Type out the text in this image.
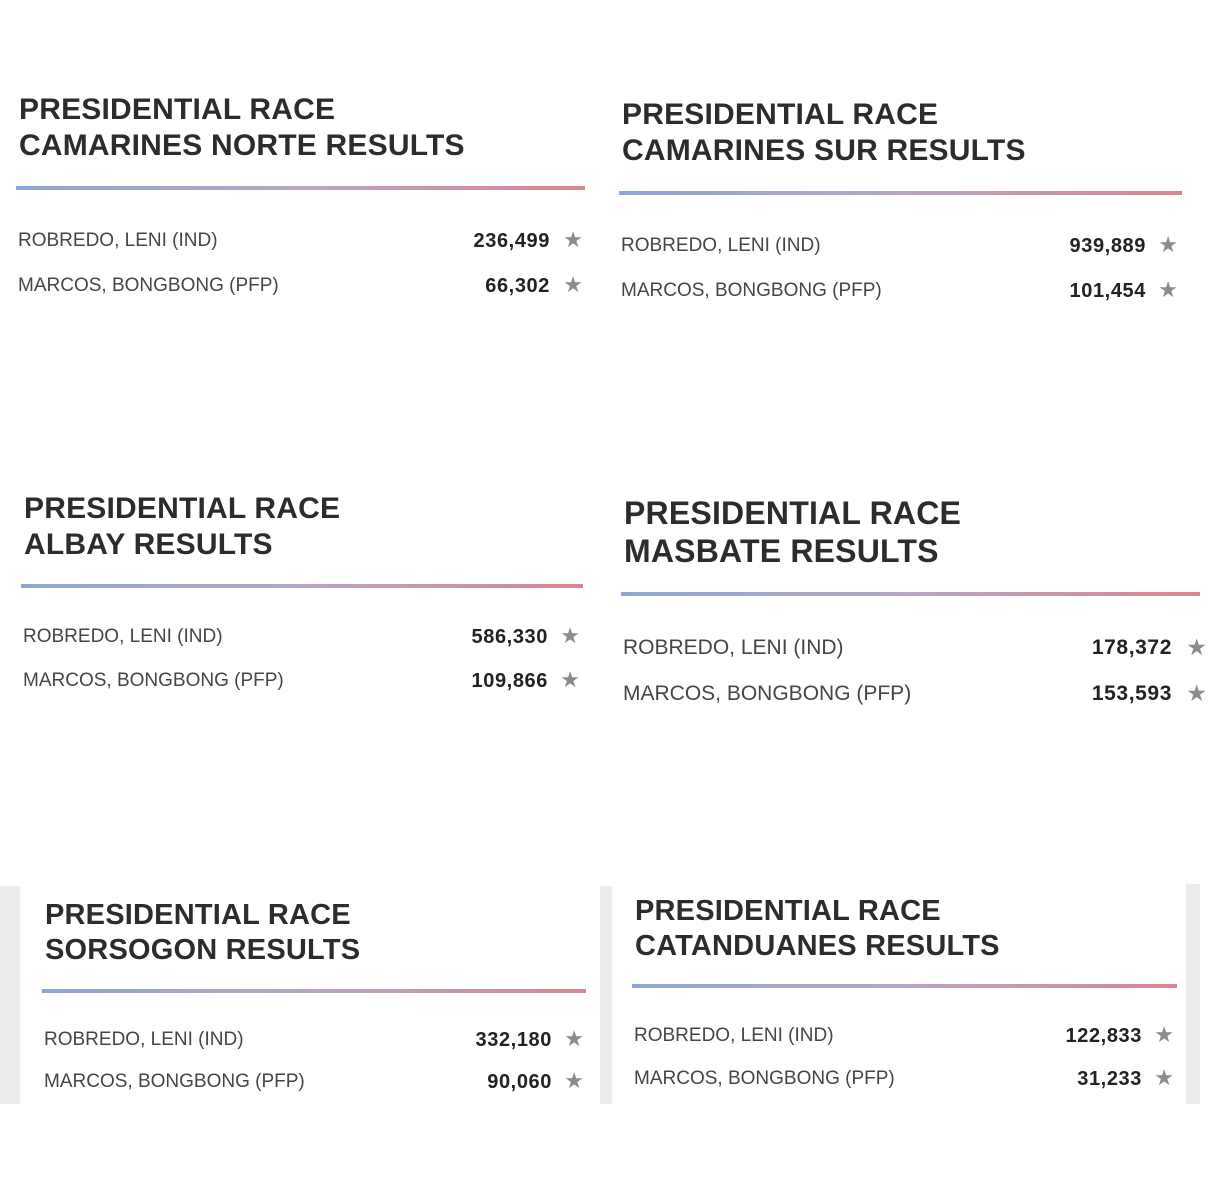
PRESIDENTIAL RACE
CAMARINES NORTE RESULTS
ROBREDO, LENI (IND)	236,499 ★
MARCOS, BONGBONG (PFP)	66,302 ★
PRESIDENTIAL RACE
CAMARINES SUR RESULTS
ROBREDO, LENI (IND)	939,889 ★
MARCOS, BONGBONG (PFP)	101,454 ★
PRESIDENTIAL RACE
ALBAY RESULTS
ROBREDO, LENI (IND)	586,330 ★
MARCOS, BONGBONG (PFP)	109,866 ★
PRESIDENTIAL RACE
MASBATE RESULTS
ROBREDO, LENI (IND)	178,372 ★
MARCOS, BONGBONG (PFP)	153,593 ★
PRESIDENTIAL RACE
SORSOGON RESULTS
ROBREDO, LENI (IND)	332,180 ★
MARCOS, BONGBONG (PFP)	90,060 ★
PRESIDENTIAL RACE
CATANDUANES RESULTS
ROBREDO, LENI (IND)	122,833 ★
MARCOS, BONGBONG (PFP)	31,233 ★
